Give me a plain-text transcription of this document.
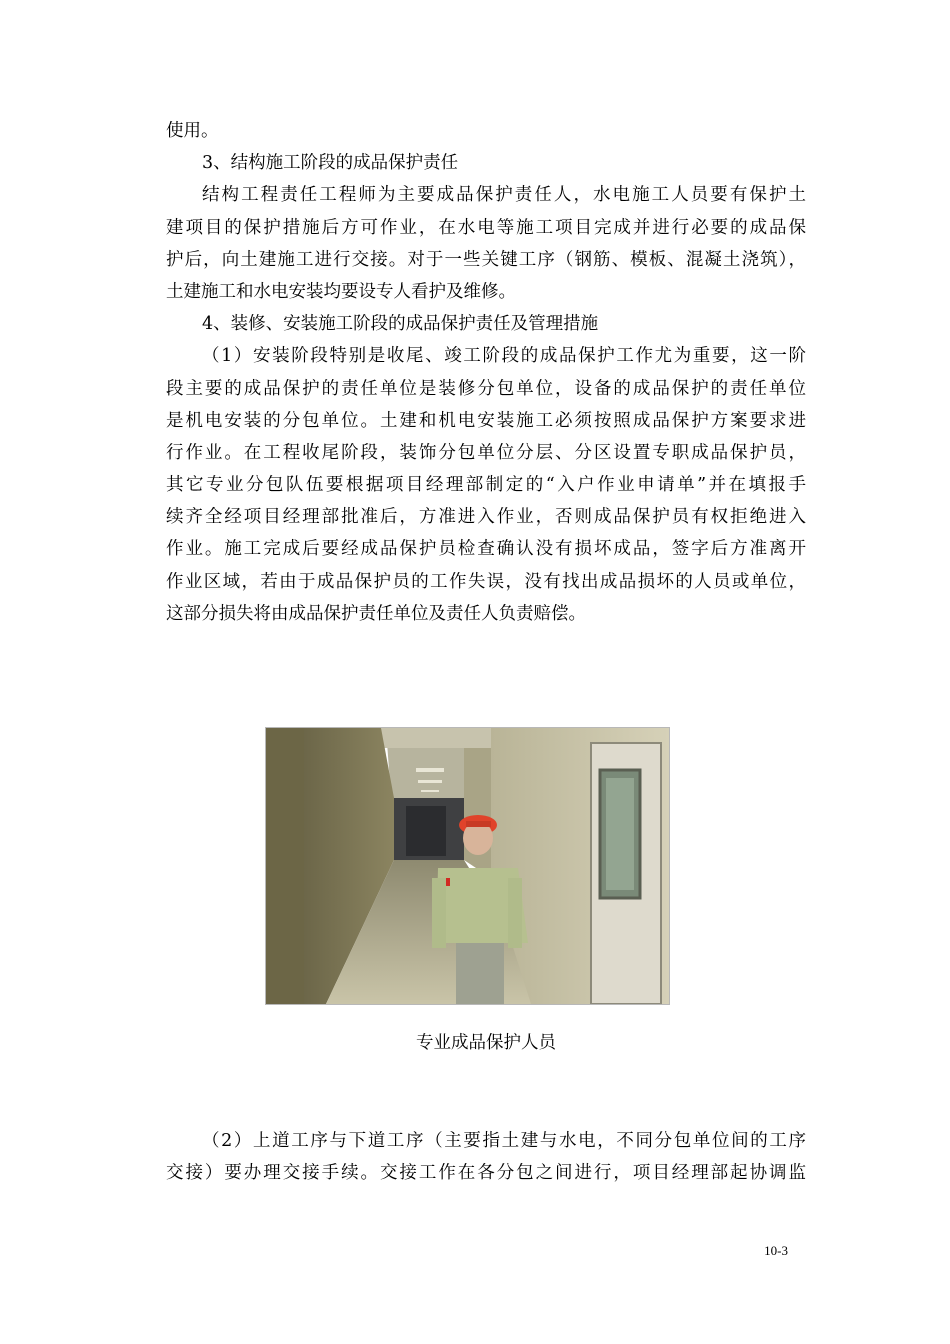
使用。
3、结构施工阶段的成品保护责任
结构工程责任工程师为主要成品保护责任人，水电施工人员要有保护土
建项目的保护措施后方可作业，在水电等施工项目完成并进行必要的成品保
护后，向土建施工进行交接。对于一些关键工序（钢筋、模板、混凝土浇筑），
土建施工和水电安装均要设专人看护及维修。
4、装修、安装施工阶段的成品保护责任及管理措施
（1）安装阶段特别是收尾、竣工阶段的成品保护工作尤为重要，这一阶
段主要的成品保护的责任单位是装修分包单位，设备的成品保护的责任单位
是机电安装的分包单位。土建和机电安装施工必须按照成品保护方案要求进
行作业。在工程收尾阶段，装饰分包单位分层、分区设置专职成品保护员，
其它专业分包队伍要根据项目经理部制定的“入户作业申请单”并在填报手
续齐全经项目经理部批准后，方准进入作业，否则成品保护员有权拒绝进入
作业。施工完成后要经成品保护员检查确认没有损坏成品，签字后方准离开
作业区域，若由于成品保护员的工作失误，没有找出成品损坏的人员或单位，
这部分损失将由成品保护责任单位及责任人负责赔偿。
专业成品保护人员
（2）上道工序与下道工序（主要指土建与水电，不同分包单位间的工序
交接）要办理交接手续。交接工作在各分包之间进行，项目经理部起协调监
10-3
